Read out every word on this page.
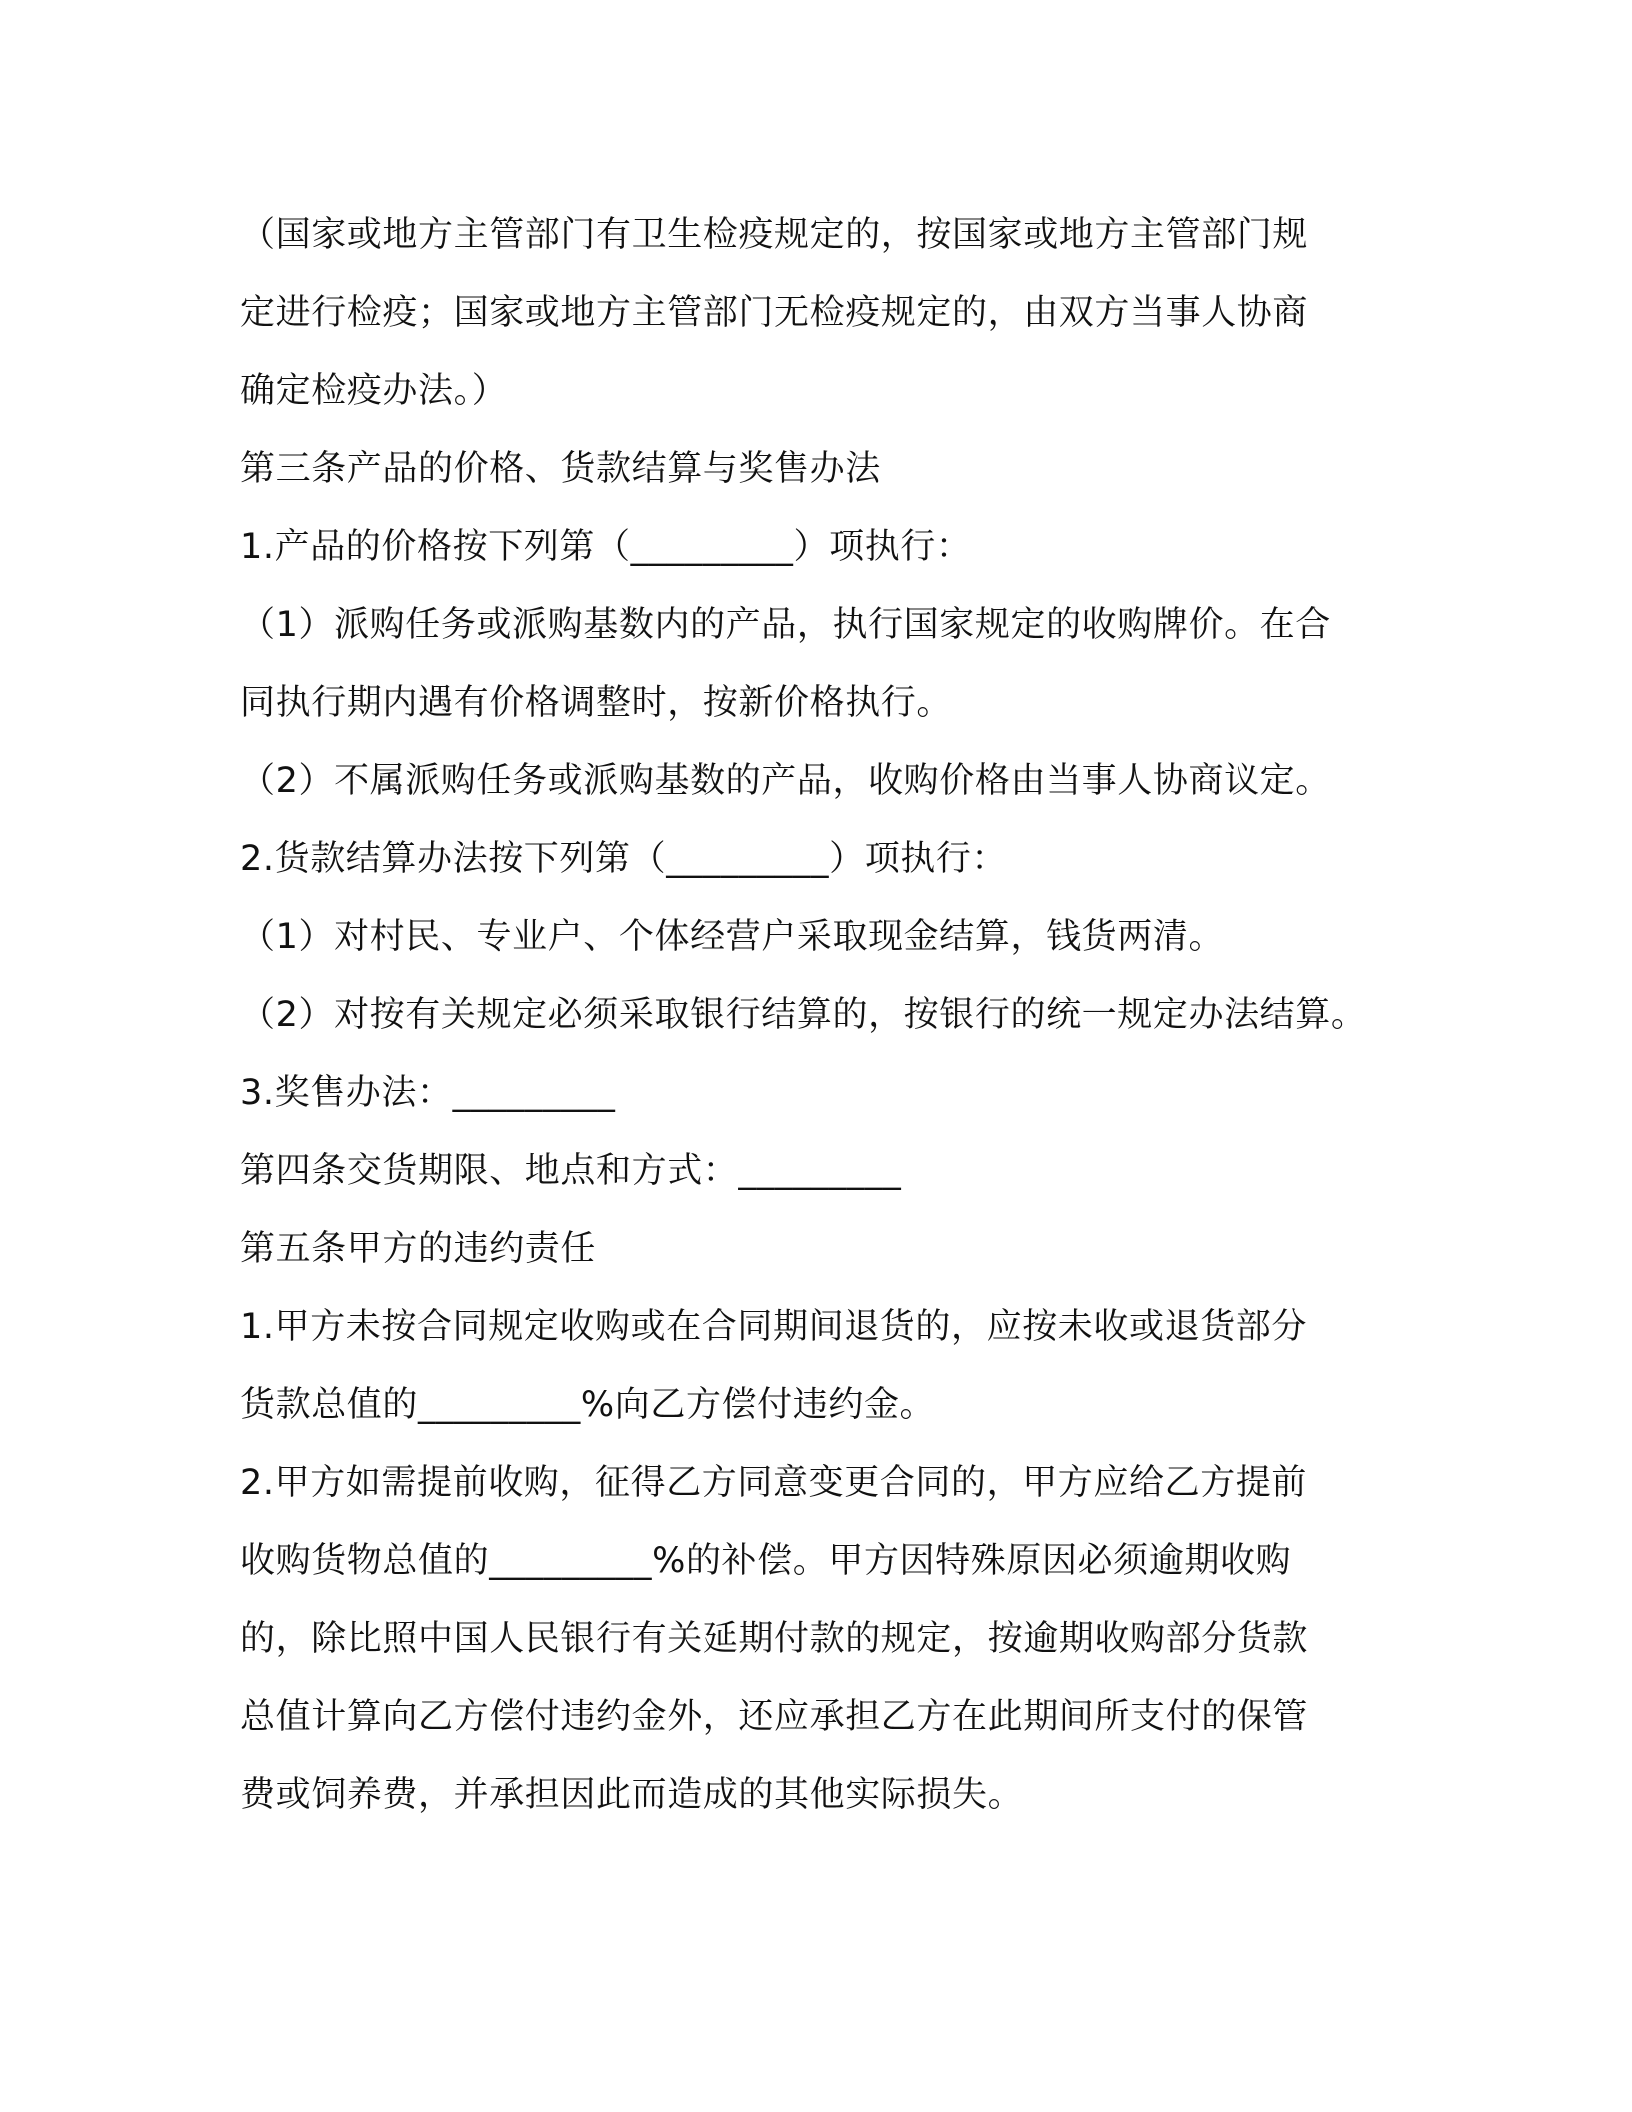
（国家或地方主管部门有卫生检疫规定的，按国家或地方主管部门规
定进行检疫；国家或地方主管部门无检疫规定的，由双方当事人协商
确定检疫办法。）
第三条产品的价格、货款结算与奖售办法
1.产品的价格按下列第（_________）项执行：
（1）派购任务或派购基数内的产品，执行国家规定的收购牌价。在合
同执行期内遇有价格调整时，按新价格执行。
（2）不属派购任务或派购基数的产品，收购价格由当事人协商议定。
2.货款结算办法按下列第（_________）项执行：
（1）对村民、专业户、个体经营户采取现金结算，钱货两清。
（2）对按有关规定必须采取银行结算的，按银行的统一规定办法结算。
3.奖售办法：_________
第四条交货期限、地点和方式：_________
第五条甲方的违约责任
1.甲方未按合同规定收购或在合同期间退货的，应按未收或退货部分
货款总值的_________%向乙方偿付违约金。
2.甲方如需提前收购，征得乙方同意变更合同的，甲方应给乙方提前
收购货物总值的_________%的补偿。甲方因特殊原因必须逾期收购
的，除比照中国人民银行有关延期付款的规定，按逾期收购部分货款
总值计算向乙方偿付违约金外，还应承担乙方在此期间所支付的保管
费或饲养费，并承担因此而造成的其他实际损失。
